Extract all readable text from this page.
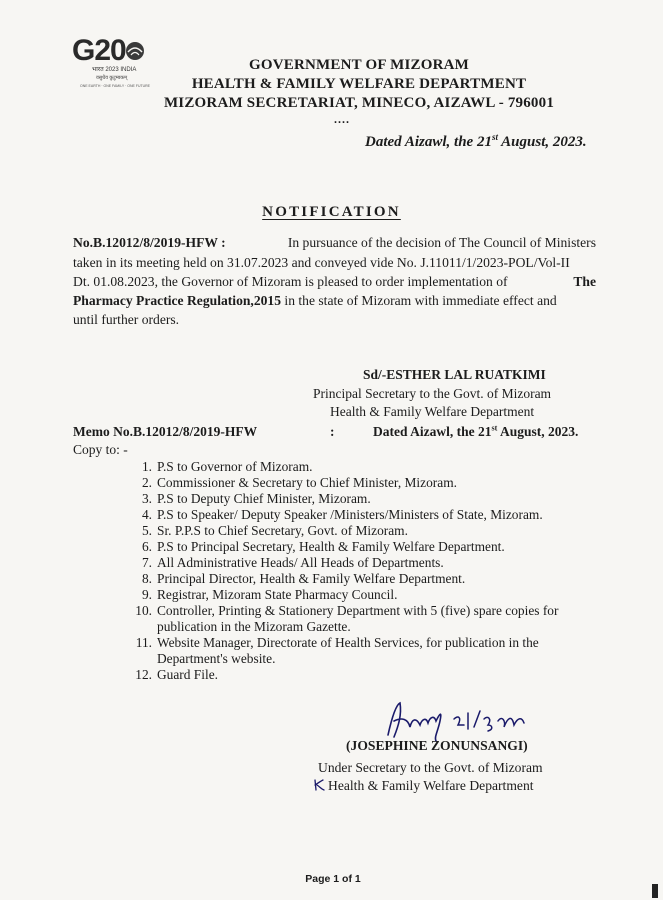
G20
भारत 2023 INDIA
वसुधैव कुटुम्बकम्
ONE EARTH · ONE FAMILY · ONE FUTURE
GOVERNMENT OF MIZORAM
HEALTH & FAMILY WELFARE DEPARTMENT
MIZORAM SECRETARIAT, MINECO, AIZAWL - 796001
....
Dated Aizawl, the 21st August, 2023.
NOTIFICATION
No.B.12012/8/2019-HFW :	In pursuance of the decision of The Council of Ministers
taken in its meeting held on 31.07.2023 and conveyed vide No. J.11011/1/2023-POL/Vol-II
Dt. 01.08.2023, the Governor of Mizoram is pleased to order implementation of	The
Pharmacy Practice Regulation,2015 in the state of Mizoram with immediate effect and
until further orders.
Sd/-ESTHER LAL RUATKIMI
Principal Secretary to the Govt. of Mizoram
Health & Family Welfare Department
Memo No.B.12012/8/2019-HFW	:	Dated Aizawl, the 21st August, 2023.
Copy to: -
1. P.S to Governor of Mizoram.
2. Commissioner & Secretary to Chief Minister, Mizoram.
3. P.S to Deputy Chief Minister, Mizoram.
4. P.S to Speaker/ Deputy Speaker /Ministers/Ministers of State, Mizoram.
5. Sr. P.P.S to Chief Secretary, Govt. of Mizoram.
6. P.S to Principal Secretary, Health & Family Welfare Department.
7. All Administrative Heads/ All Heads of Departments.
8. Principal Director, Health & Family Welfare Department.
9. Registrar, Mizoram State Pharmacy Council.
10. Controller, Printing & Stationery Department with 5 (five) spare copies for
publication in the Mizoram Gazette.
11. Website Manager, Directorate of Health Services, for publication in the
Department's website.
12. Guard File.
(JOSEPHINE ZONUNSANGI)
Under Secretary to the Govt. of Mizoram
Health & Family Welfare Department
Page 1 of 1
